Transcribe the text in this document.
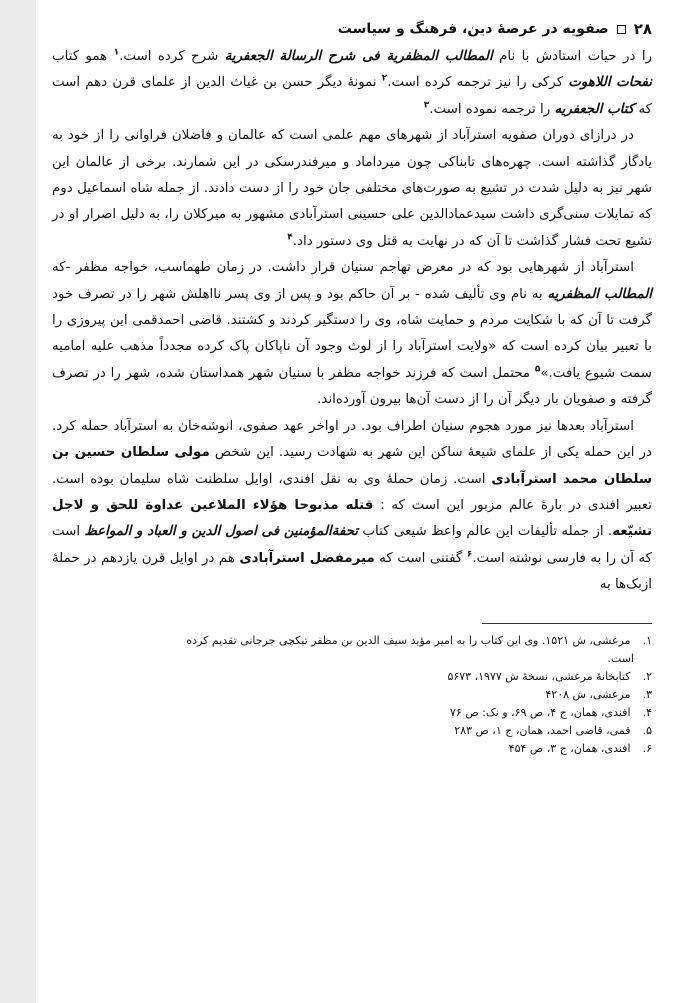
۲۸
صفویه در عرصهٔ دین، فرهنگ و سیاست

را در حیات استادش با نام المطالب المظفریة فی شرح الرسالة الجعفریة شرح کرده است.$^۱$ همو کتاب نفحات اللاهوت کرکی را نیز ترجمه کرده است.$^۲$ نمونهٔ دیگر حسن بن غیاث الدین از علمای قرن دهم است که کتاب الجعفریه را ترجمه نموده است.$^۳$

در درازای دوران صفویه استرآباد از شهرهای مهم علمی است که عالمان و فاضلان فراوانی را از خود به یادگار گذاشته است. چهره‌های تابناکی چون میرداماد و میرفندرسکی در این شمارند. برخی از عالمان این شهر نیز به دلیل شدت در تشیع به صورت‌های مختلفی جان خود را از دست دادند. از جمله شاه اسماعیل دوم که تمایلات سنی‌گری داشت سیدعمادالدین علی حسینی استرآبادی مشهور به میرکلان را، به دلیل اصرار او در تشیع تحت فشار گذاشت تا آن که در نهایت به قتل وی دستور داد.$^۴$

استرآباد از شهرهایی بود که در معرض تهاجم سنیان قرار داشت. در زمان طهماسب، خواجه مظفر -که المطالب المظفریه به نام وی تألیف شده - بر آن حاکم بود و پس از وی پسر نااهلش شهر را در تصرف خود گرفت تا آن که با شکایت مردم و حمایت شاه، وی را دستگیر کردند و کشتند. قاضی احمدقمی این پیروزی را با تعبیر بیان کرده است که «ولایت استرآباد را از لوث وجود آن ناپاکان پاک کرده مجدداً مذهب علیه امامیه سمت شیوع یافت.»$^۵$ محتمل است که فرزند خواجه مظفر با سنیان شهر همداستان شده، شهر را در تصرف گرفته و صفویان بار دیگر آن را از دست آن‌ها بیرون آورده‌اند.

استرآباد بعدها نیز مورد هجوم سنیان اطراف بود. در اواخر عهد صفوی، انوشه‌خان به استرآباد حمله کرد. در این حمله یکی از علمای شیعهٔ ساکن این شهر به شهادت رسید. این شخص مولی سلطان حسین بن سلطان محمد استرآبادی است. زمان حملهٔ وی به نقل افندی، اوایل سلطنت شاه سلیمان بوده است. تعبیر افندی در بارهٔ عالم مزبور این است که : قتله مذبوحا هؤلاء الملاعین عداوة للحق و لاجل تشیّعه. از جمله تألیفات این عالم واعظ شیعی کتاب تحفةالمؤمنین فی اصول الدین و العباد و المواعظ است که آن را به فارسی نوشته است.$^۶$ گفتنی است که میرمفضل استرآبادی هم در اوایل قرن یازدهم در حملهٔ ازبک‌ها به

۱. مرعشی، ش ۱۵۲۱. وی این کتاب را به امیر مؤید سیف الدین بن مظفر تبکچی جرجانی تقدیم کرده
است.
۲. کتابخانهٔ مرعشی، نسخهٔ ش ۱۹۷۷، ۵۶۷۳
۳. مرعشی، ش ۴۲۰۸
۴. افندی، همان، ج ۴، ص ۶۹، و نک: ص ۷۶
۵. قمی، قاضی احمد، همان، ج ۱، ص ۲۸۳
۶. افندی، همان، ج ۳، ص ۴۵۴
